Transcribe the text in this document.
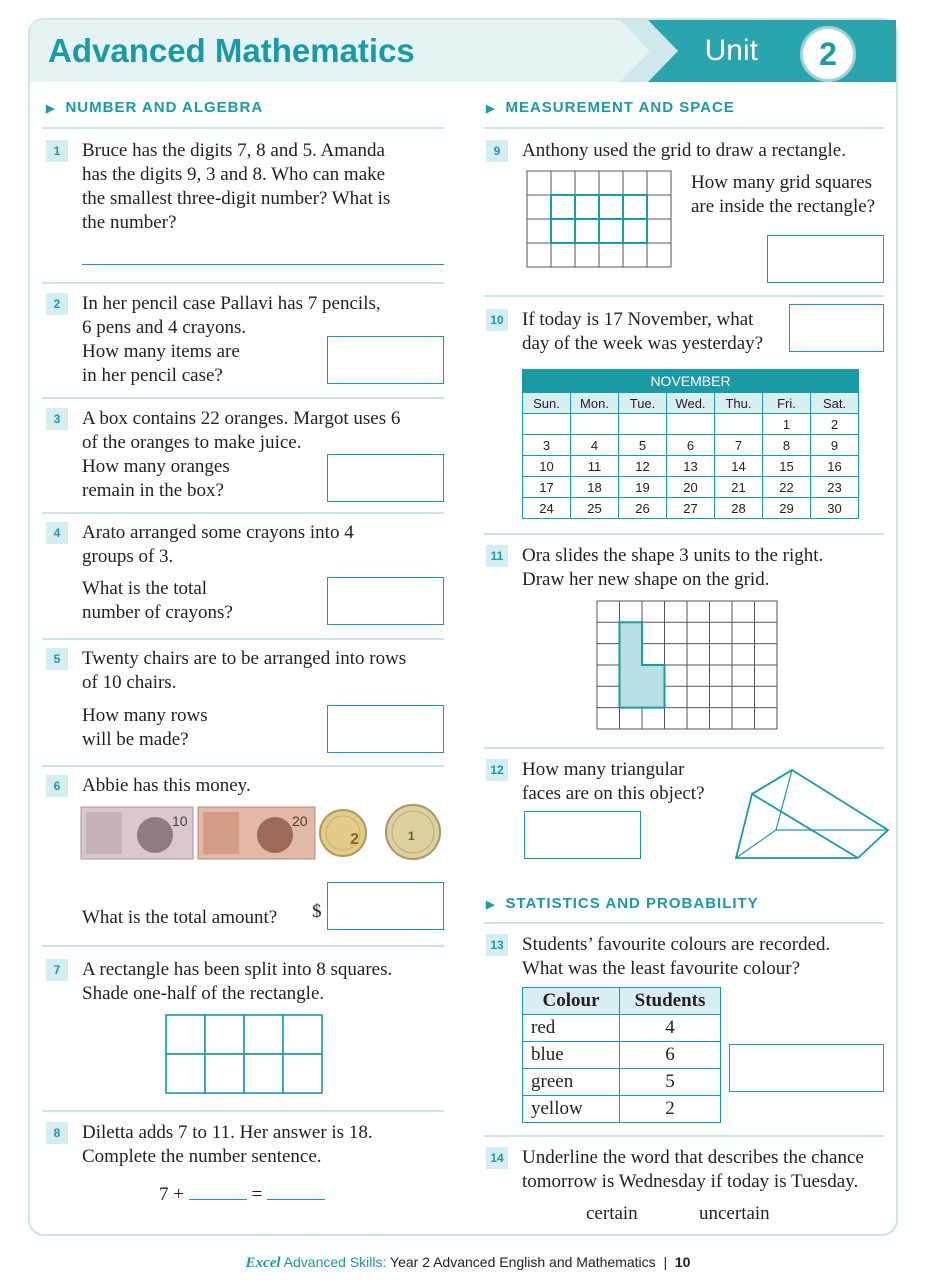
Advanced Mathematics	Unit	2
▶ NUMBER AND ALGEBRA	▶ MEASUREMENT AND SPACE
1	Bruce has the digits 7, 8 and 5. Amanda
has the digits 9, 3 and 8. Who can make
the smallest three-digit number? What is
the number?
2	In her pencil case Pallavi has 7 pencils,
6 pens and 4 crayons.
How many items are
in her pencil case?
3	A box contains 22 oranges. Margot uses 6
of the oranges to make juice.
How many oranges
remain in the box?
4	Arato arranged some crayons into 4
groups of 3.
What is the total
number of crayons?
5	Twenty chairs are to be arranged into rows
of 10 chairs.
How many rows
will be made?
6	Abbie has this money.
10	20
2	1
What is the total amount? $
7	A rectangle has been split into 8 squares.
Shade one-half of the rectangle.
8	Diletta adds 7 to 11. Her answer is 18.
Complete the number sentence.
7 +	=
9	Anthony used the grid to draw a rectangle.
How many grid squares
are inside the rectangle?
10 If today is 17 November, what
day of the week was yesterday?
NOVEMBER						
Sun.	Mon.	Tue.	Wed.	Thu.	Fri.	Sat.
					1	2
3	4	5	6	7	8	9
10	11	12	13	14	15	16
17	18	19	20	21	22	23
24	25	26	27	28	29	30
11 Ora slides the shape 3 units to the right.
Draw her new shape on the grid.
12 How many triangular
faces are on this object?
▶ STATISTICS AND PROBABILITY
13 Students’ favourite colours are recorded.
What was the least favourite colour?
Colour	Students
red	4
blue	6
green	5
yellow	2
14 Underline the word that describes the chance
tomorrow is Wednesday if today is Tuesday.
certain	uncertain
Excel Advanced Skills: Year 2 Advanced English and Mathematics | 10
